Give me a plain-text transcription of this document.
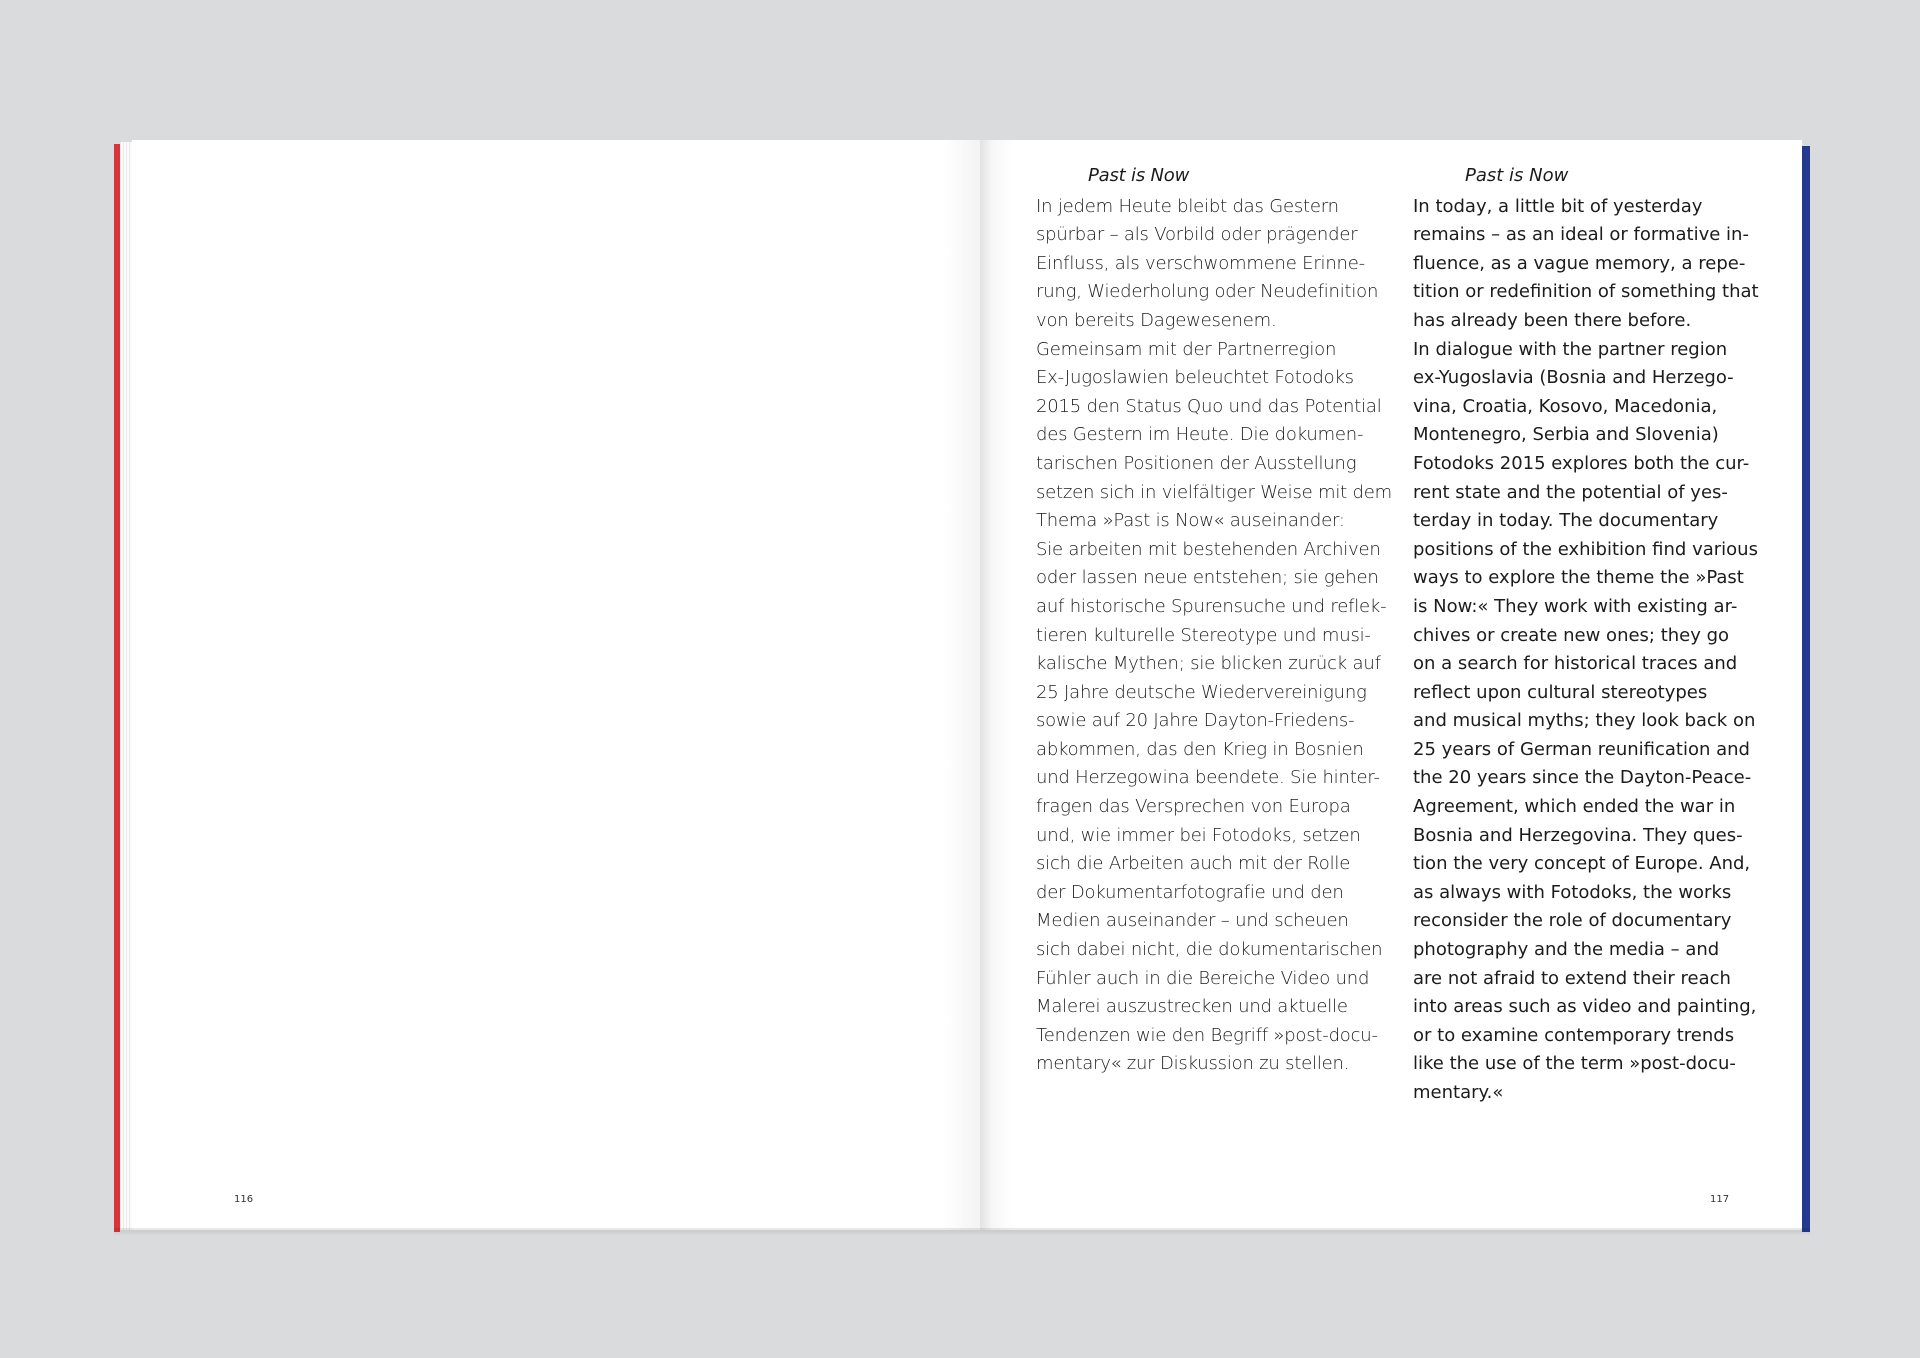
116	117
Past is Now

In jedem Heute bleibt das Gestern
spürbar – als Vorbild oder prägender
Einfluss, als verschwommene Erinne-
rung, Wiederholung oder Neudefinition
von bereits Dagewesenem.
Gemeinsam mit der Partnerregion
Ex-Jugoslawien beleuchtet Fotodoks
2015 den Status Quo und das Potential
des Gestern im Heute. Die dokumen-
tarischen Positionen der Ausstellung
setzen sich in vielfältiger Weise mit dem
Thema »Past is Now« auseinander:
Sie arbeiten mit bestehenden Archiven
oder lassen neue entstehen; sie gehen
auf historische Spurensuche und reflek-
tieren kulturelle Stereotype und musi-
kalische Mythen; sie blicken zurück auf
25 Jahre deutsche Wiedervereinigung
sowie auf 20 Jahre Dayton-Friedens-
abkommen, das den Krieg in Bosnien
und Herzegowina beendete. Sie hinter-
fragen das Versprechen von Europa
und, wie immer bei Fotodoks, setzen
sich die Arbeiten auch mit der Rolle
der Dokumentarfotografie und den
Medien auseinander – und scheuen
sich dabei nicht, die dokumentarischen
Fühler auch in die Bereiche Video und
Malerei auszustrecken und aktuelle
Tendenzen wie den Begriff »post-docu-
mentary« zur Diskussion zu stellen.

Past is Now

In today, a little bit of yesterday
remains – as an ideal or formative in-
fluence, as a vague memory, a repe-
tition or redefinition of something that
has already been there before.
In dialogue with the partner region
ex-Yugoslavia (Bosnia and Herzego-
vina, Croatia, Kosovo, Macedonia,
Montenegro, Serbia and Slovenia)
Fotodoks 2015 explores both the cur-
rent state and the potential of yes-
terday in today. The documentary
positions of the exhibition find various
ways to explore the theme the »Past
is Now:« They work with existing ar-
chives or create new ones; they go
on a search for historical traces and
reflect upon cultural stereotypes
and musical myths; they look back on
25 years of German reunification and
the 20 years since the Dayton-Peace-
Agreement, which ended the war in
Bosnia and Herzegovina. They ques-
tion the very concept of Europe. And,
as always with Fotodoks, the works
reconsider the role of documentary
photography and the media – and
are not afraid to extend their reach
into areas such as video and painting,
or to examine contemporary trends
like the use of the term »post-docu-
mentary.«
